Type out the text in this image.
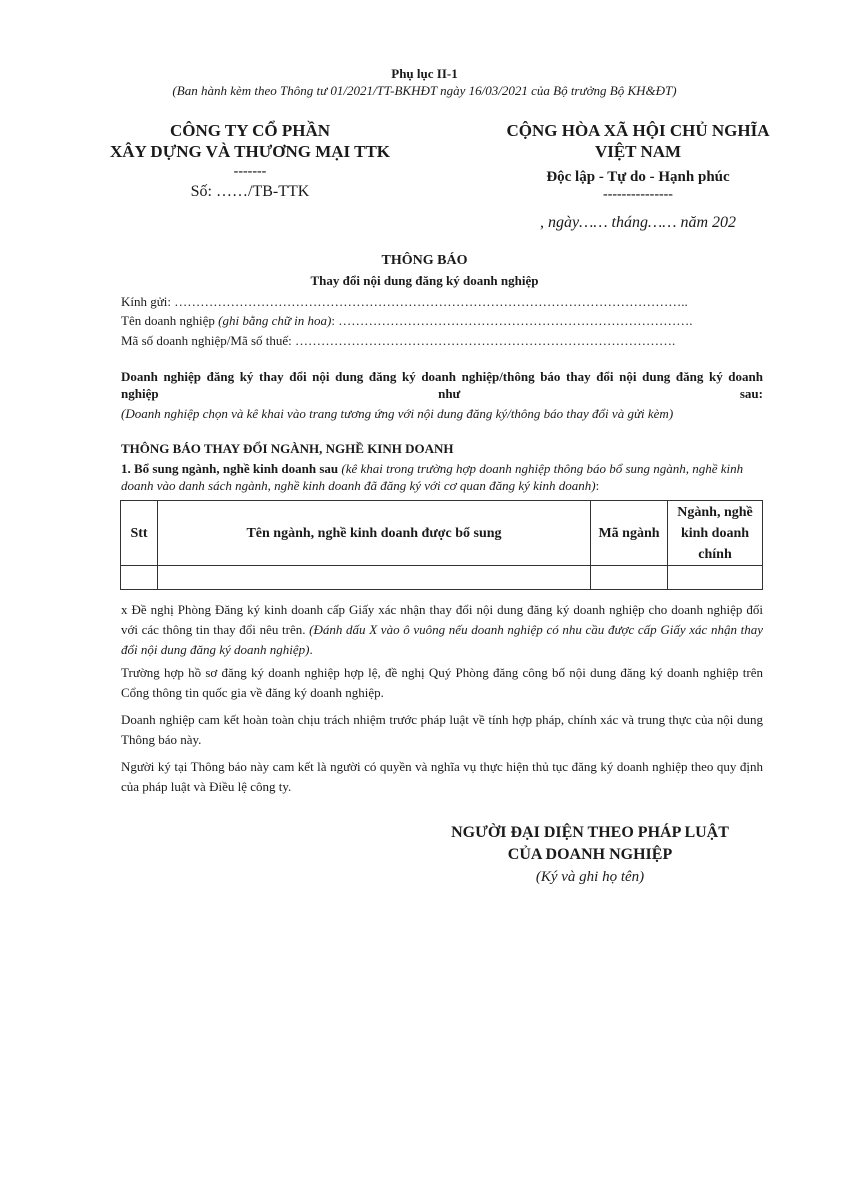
Phụ lục II-1
(Ban hành kèm theo Thông tư 01/2021/TT-BKHĐT ngày 16/03/2021 của Bộ trưởng Bộ KH&ĐT)
CÔNG TY CỔ PHẦN
XÂY DỰNG VÀ THƯƠNG MẠI TTK
-------
Số: ……/TB-TTK
CỘNG HÒA XÃ HỘI CHỦ NGHĨA
VIỆT NAM
Độc lập - Tự do - Hạnh phúc
---------------
, ngày…… tháng…… năm 202
THÔNG BÁO
Thay đổi nội dung đăng ký doanh nghiệp
Kính gửi: ………………………………………………………………………………………………………..
Tên doanh nghiệp (ghi bằng chữ in hoa): ……………………………………………………………………….
Mã số doanh nghiệp/Mã số thuế: …………………………………………………………………………….
Doanh nghiệp đăng ký thay đổi nội dung đăng ký doanh nghiệp/thông báo thay đổi nội dung đăng ký doanh
nghiệp	như	sau:
(Doanh nghiệp chọn và kê khai vào trang tương ứng với nội dung đăng ký/thông báo thay đổi và gửi kèm)
THÔNG BÁO THAY ĐỔI NGÀNH, NGHỀ KINH DOANH
1. Bổ sung ngành, nghề kinh doanh sau (kê khai trong trường hợp doanh nghiệp thông báo bổ sung ngành, nghề kinh doanh vào danh sách ngành, nghề kinh doanh đã đăng ký với cơ quan đăng ký kinh doanh):
Stt	Tên ngành, nghề kinh doanh được bổ sung	Mã ngành	Ngành, nghề
kinh doanh
chính

x Đề nghị Phòng Đăng ký kinh doanh cấp Giấy xác nhận thay đổi nội dung đăng ký doanh nghiệp cho doanh nghiệp đối với các thông tin thay đổi nêu trên. (Đánh dấu X vào ô vuông nếu doanh nghiệp có nhu cầu được cấp Giấy xác nhận thay đổi nội dung đăng ký doanh nghiệp).
Trường hợp hồ sơ đăng ký doanh nghiệp hợp lệ, đề nghị Quý Phòng đăng công bố nội dung đăng ký doanh nghiệp trên Cổng thông tin quốc gia về đăng ký doanh nghiệp.
Doanh nghiệp cam kết hoàn toàn chịu trách nhiệm trước pháp luật về tính hợp pháp, chính xác và trung thực của nội dung Thông báo này.
Người ký tại Thông báo này cam kết là người có quyền và nghĩa vụ thực hiện thủ tục đăng ký doanh nghiệp theo quy định của pháp luật và Điều lệ công ty.
NGƯỜI ĐẠI DIỆN THEO PHÁP LUẬT
CỦA DOANH NGHIỆP
(Ký và ghi họ tên)
